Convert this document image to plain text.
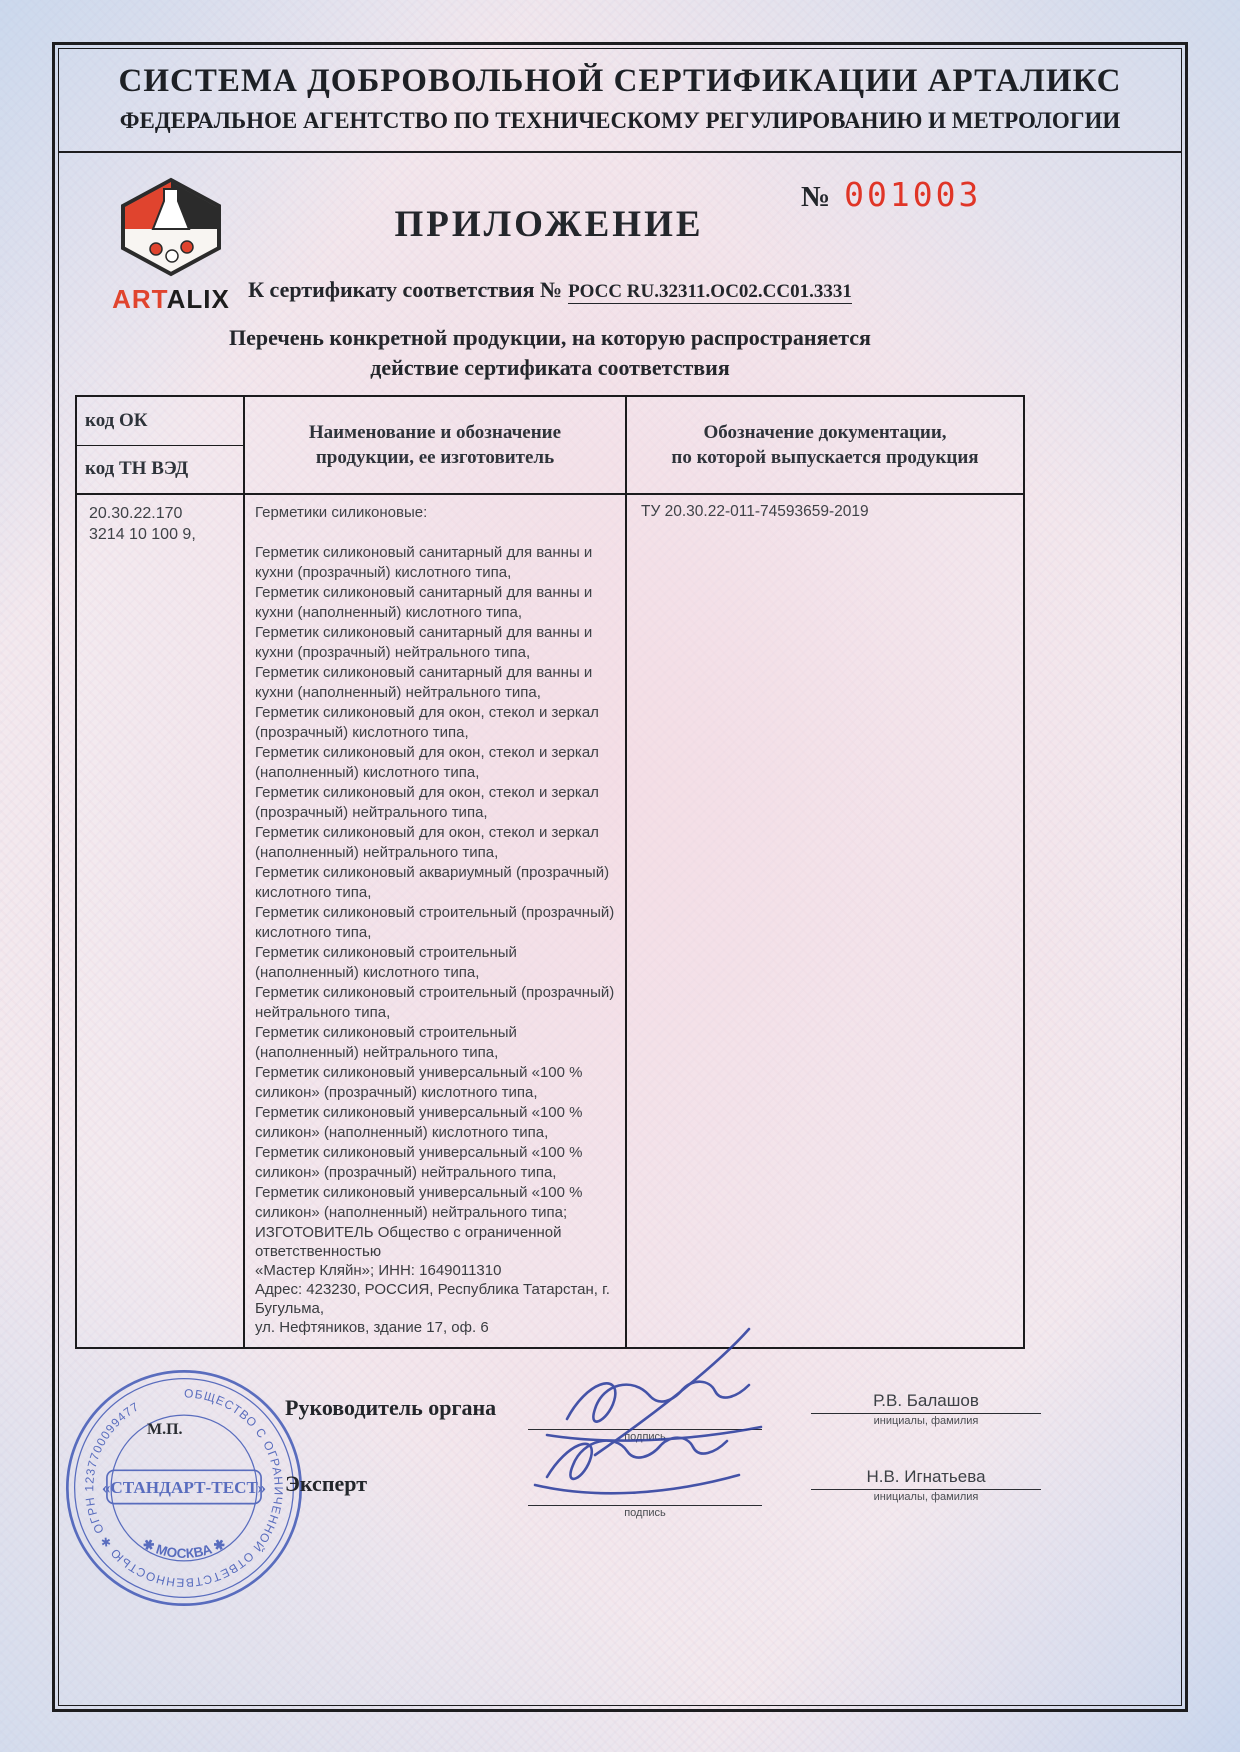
СИСТЕМА ДОБРОВОЛЬНОЙ СЕРТИФИКАЦИИ АРТАЛИКС
ФЕДЕРАЛЬНОЕ АГЕНТСТВО ПО ТЕХНИЧЕСКОМУ РЕГУЛИРОВАНИЮ И МЕТРОЛОГИИ
ARTALIX
ПРИЛОЖЕНИЕ
№ 001003
К сертификату соответствия № РОСС RU.32311.ОС02.СС01.3331
Перечень конкретной продукции, на которую распространяется
действие сертификата соответствия
код ОК
код ТН ВЭД
Наименование и обозначение
продукции, ее изготовитель
Обозначение документации,
по которой выпускается продукция
20.30.22.170
3214 10 100 9,
Герметики силиконовые:
Герметик силиконовый санитарный для ванны и кухни (прозрачный) кислотного типа,
Герметик силиконовый санитарный для ванны и кухни (наполненный) кислотного типа,
Герметик силиконовый санитарный для ванны и кухни (прозрачный) нейтрального типа,
Герметик силиконовый санитарный для ванны и кухни (наполненный) нейтрального типа,
Герметик силиконовый для окон, стекол и зеркал (прозрачный) кислотного типа,
Герметик силиконовый для окон, стекол и зеркал (наполненный) кислотного типа,
Герметик силиконовый для окон, стекол и зеркал (прозрачный) нейтрального типа,
Герметик силиконовый для окон, стекол и зеркал (наполненный) нейтрального типа,
Герметик силиконовый аквариумный (прозрачный) кислотного типа,
Герметик силиконовый строительный (прозрачный) кислотного типа,
Герметик силиконовый строительный (наполненный) кислотного типа,
Герметик силиконовый строительный (прозрачный) нейтрального типа,
Герметик силиконовый строительный (наполненный) нейтрального типа,
Герметик силиконовый универсальный «100 % силикон» (прозрачный) кислотного типа,
Герметик силиконовый универсальный «100 % силикон» (наполненный) кислотного типа,
Герметик силиконовый универсальный «100 % силикон» (прозрачный) нейтрального типа,
Герметик силиконовый универсальный «100 % силикон» (наполненный) нейтрального типа;
ИЗГОТОВИТЕЛЬ Общество с ограниченной ответственностью
«Мастер Кляйн»; ИНН: 1649011310
Адрес: 423230, РОССИЯ, Республика Татарстан, г. Бугульма,
ул. Нефтяников, здание 17, оф. 6
ТУ 20.30.22-011-74593659-2019
ОБЩЕСТВО С ОГРАНИЧЕННОЙ ОТВЕТСТВЕННОСТЬЮ ✱ ОГРН 1237700099477
✱ МОСКВА ✱
«СТАНДАРТ-ТЕСТ»
М.П.
Руководитель органа
подпись
Р.В. Балашов
инициалы, фамилия
Эксперт
подпись
Н.В. Игнатьева
инициалы, фамилия
